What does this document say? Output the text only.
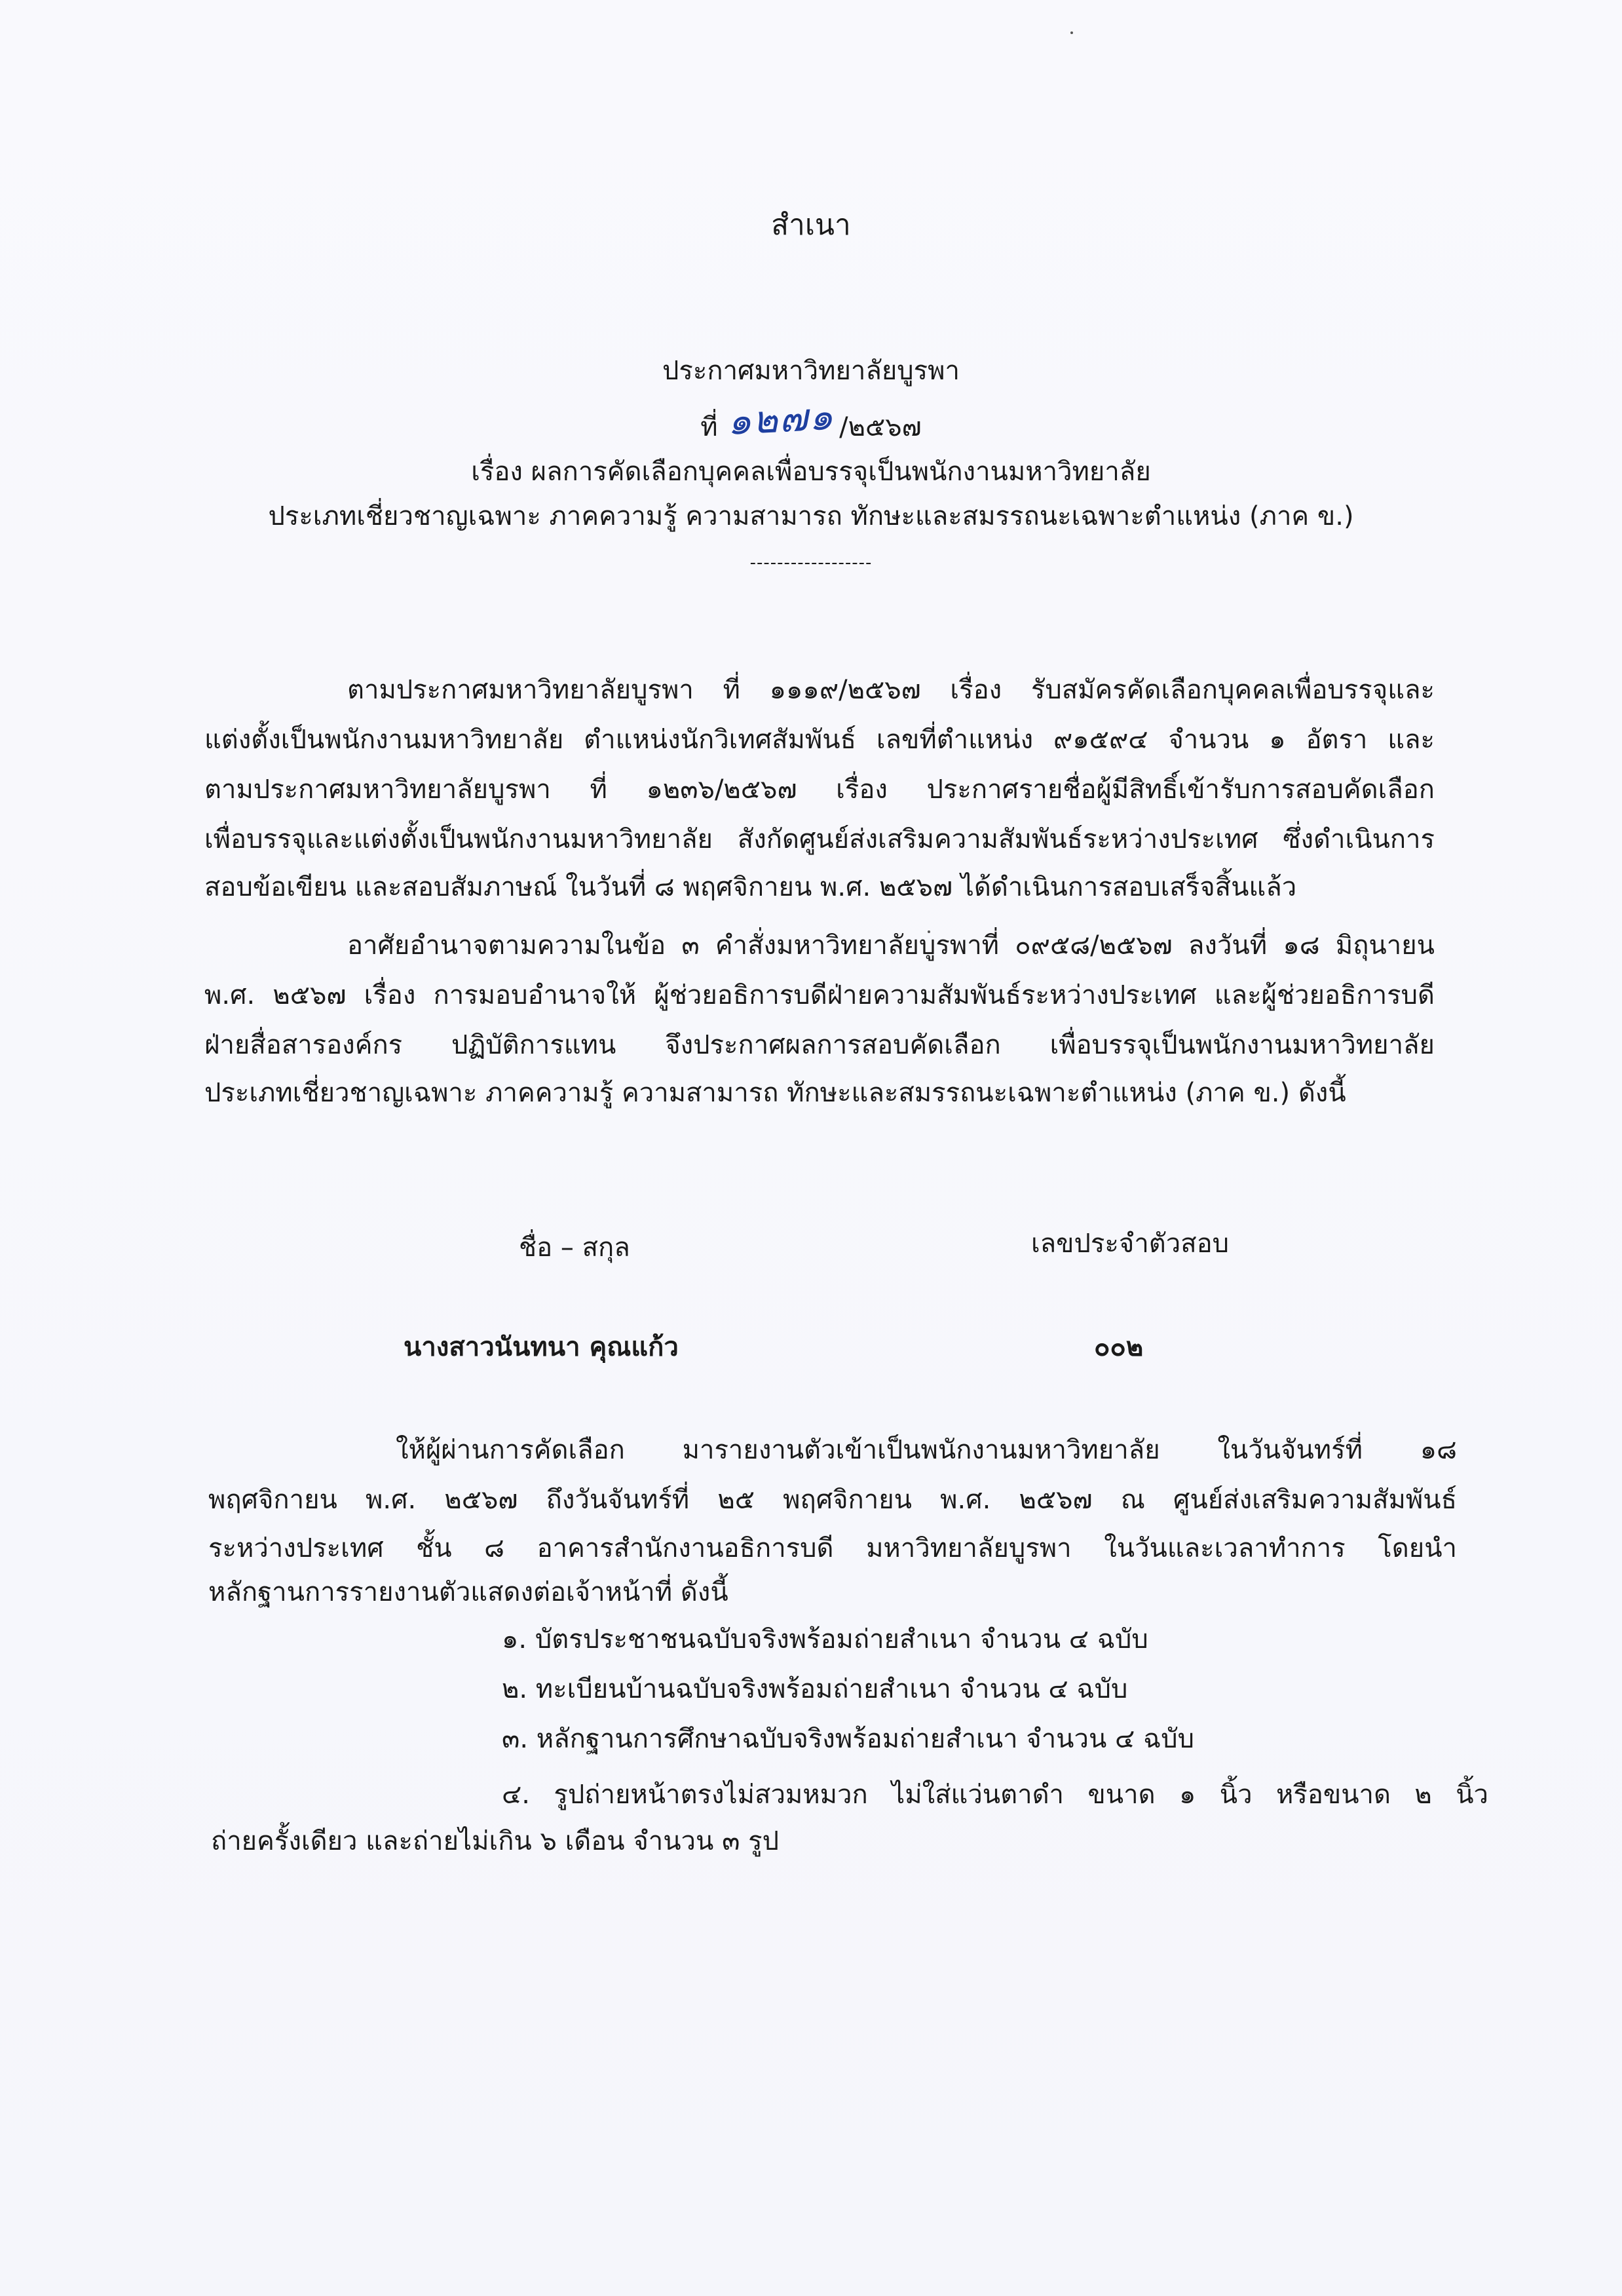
สำเนา
ประกาศมหาวิทยาลัยบูรพา
ที่ ๑๒๗๑ /๒๕๖๗
เรื่อง ผลการคัดเลือกบุคคลเพื่อบรรจุเป็นพนักงานมหาวิทยาลัย
ประเภทเชี่ยวชาญเฉพาะ ภาคความรู้ ความสามารถ ทักษะและสมรรถนะเฉพาะตำแหน่ง (ภาค ข.)
------------------
ตามประกาศมหาวิทยาลัยบูรพา ที่ ๑๑๑๙/๒๕๖๗ เรื่อง รับสมัครคัดเลือกบุคคลเพื่อบรรจุและ
แต่งตั้งเป็นพนักงานมหาวิทยาลัย ตำแหน่งนักวิเทศสัมพันธ์ เลขที่ตำแหน่ง ๙๑๕๙๔ จำนวน ๑ อัตรา และ
ตามประกาศมหาวิทยาลัยบูรพา ที่ ๑๒๓๖/๒๕๖๗ เรื่อง ประกาศรายชื่อผู้มีสิทธิ์เข้ารับการสอบคัดเลือก
เพื่อบรรจุและแต่งตั้งเป็นพนักงานมหาวิทยาลัย สังกัดศูนย์ส่งเสริมความสัมพันธ์ระหว่างประเทศ ซึ่งดำเนินการ
สอบข้อเขียน และสอบสัมภาษณ์ ในวันที่ ๘ พฤศจิกายน พ.ศ. ๒๕๖๗ ได้ดำเนินการสอบเสร็จสิ้นแล้ว
อาศัยอำนาจตามความในข้อ ๓ คำสั่งมหาวิทยาลัยบูรพาที่ ๐๙๕๘/๒๕๖๗ ลงวันที่ ๑๘ มิถุนายน
พ.ศ. ๒๕๖๗ เรื่อง การมอบอำนาจให้ ผู้ช่วยอธิการบดีฝ่ายความสัมพันธ์ระหว่างประเทศ และผู้ช่วยอธิการบดี
ฝ่ายสื่อสารองค์กร ปฏิบัติการแทน จึงประกาศผลการสอบคัดเลือก เพื่อบรรจุเป็นพนักงานมหาวิทยาลัย
ประเภทเชี่ยวชาญเฉพาะ ภาคความรู้ ความสามารถ ทักษะและสมรรถนะเฉพาะตำแหน่ง (ภาค ข.) ดังนี้
ชื่อ – สกุล	เลขประจำตัวสอบ
นางสาวนันทนา คุณแก้ว	๐๐๒
ให้ผู้ผ่านการคัดเลือก มารายงานตัวเข้าเป็นพนักงานมหาวิทยาลัย ในวันจันทร์ที่ ๑๘
พฤศจิกายน พ.ศ. ๒๕๖๗ ถึงวันจันทร์ที่ ๒๕ พฤศจิกายน พ.ศ. ๒๕๖๗ ณ ศูนย์ส่งเสริมความสัมพันธ์
ระหว่างประเทศ ชั้น ๘ อาคารสำนักงานอธิการบดี มหาวิทยาลัยบูรพา ในวันและเวลาทำการ โดยนำ
หลักฐานการรายงานตัวแสดงต่อเจ้าหน้าที่ ดังนี้
๑. บัตรประชาชนฉบับจริงพร้อมถ่ายสำเนา จำนวน ๔ ฉบับ
๒. ทะเบียนบ้านฉบับจริงพร้อมถ่ายสำเนา จำนวน ๔ ฉบับ
๓. หลักฐานการศึกษาฉบับจริงพร้อมถ่ายสำเนา จำนวน ๔ ฉบับ
๔. รูปถ่ายหน้าตรงไม่สวมหมวก ไม่ใส่แว่นตาดำ ขนาด ๑ นิ้ว หรือขนาด ๒ นิ้ว
ถ่ายครั้งเดียว และถ่ายไม่เกิน ๖ เดือน จำนวน ๓ รูป
